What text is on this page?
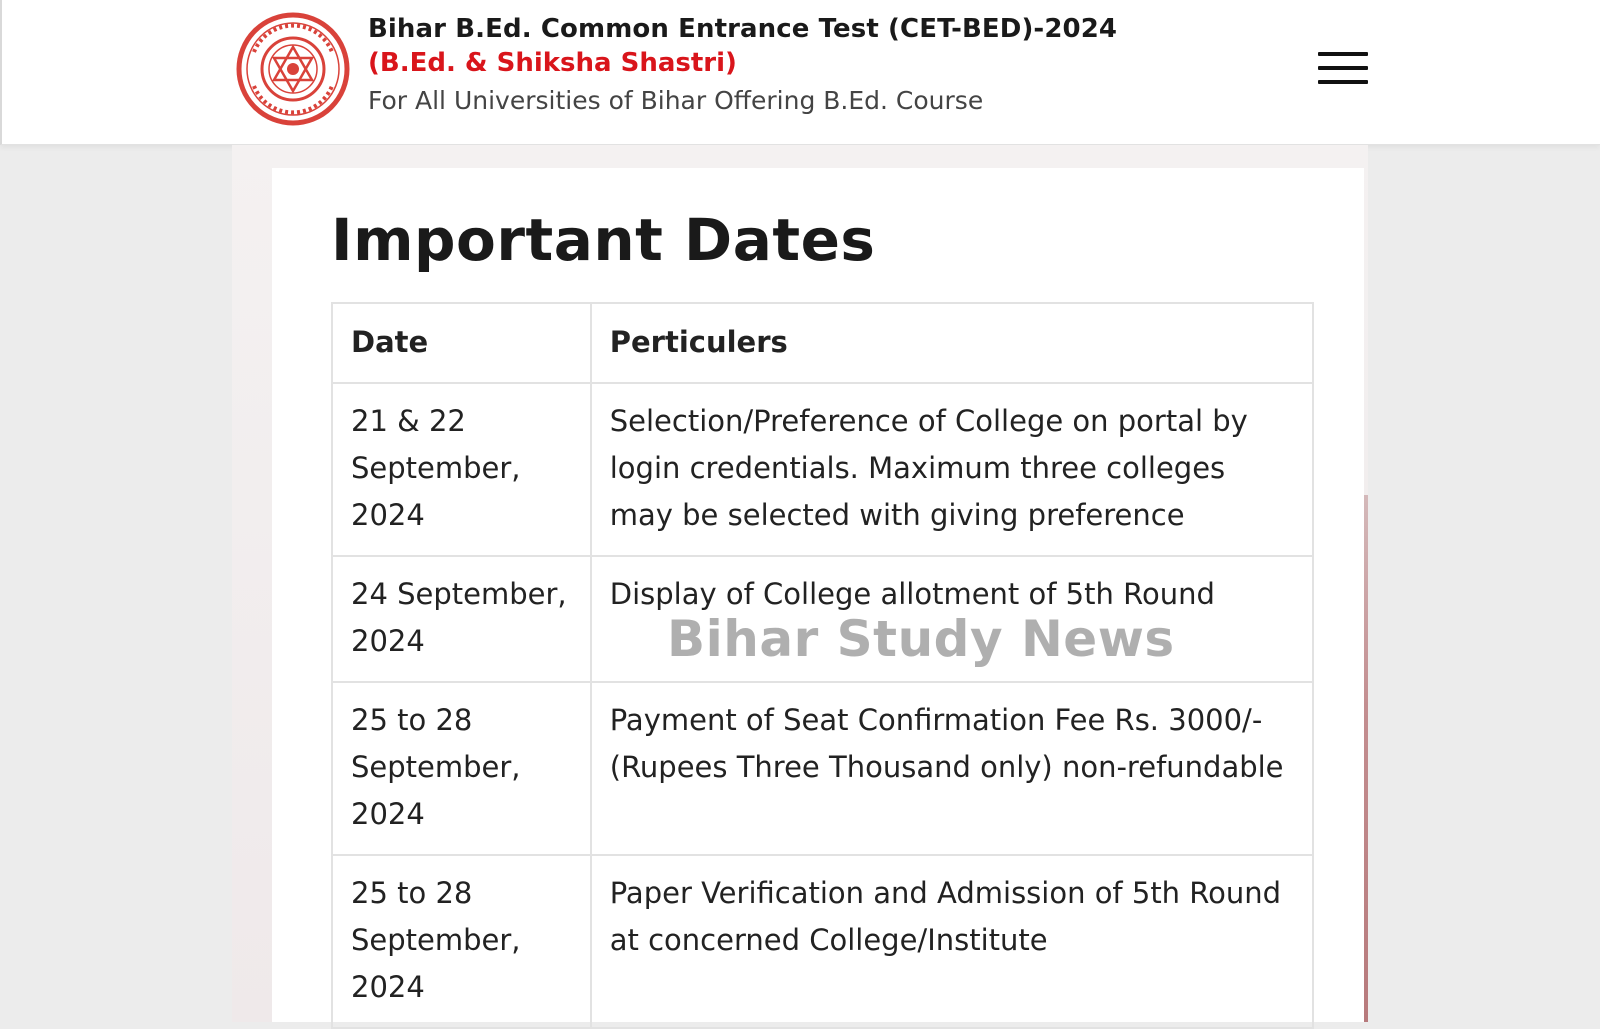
Bihar B.Ed. Common Entrance Test (CET-BED)-2024
(B.Ed. & Shiksha Shastri)
For All Universities of Bihar Offering B.Ed. Course
Important Dates
Date	Perticulers
21 & 22 September, 2024	Selection/Preference of College on portal by login credentials. Maximum three colleges may be selected with giving preference
24 September, 2024	Display of College allotment of 5th Round
25 to 28 September, 2024	Payment of Seat Confirmation Fee Rs. 3000/- (Rupees Three Thousand only) non-refundable
25 to 28 September, 2024	Paper Verification and Admission of 5th Round at concerned College/Institute
Bihar Study News
